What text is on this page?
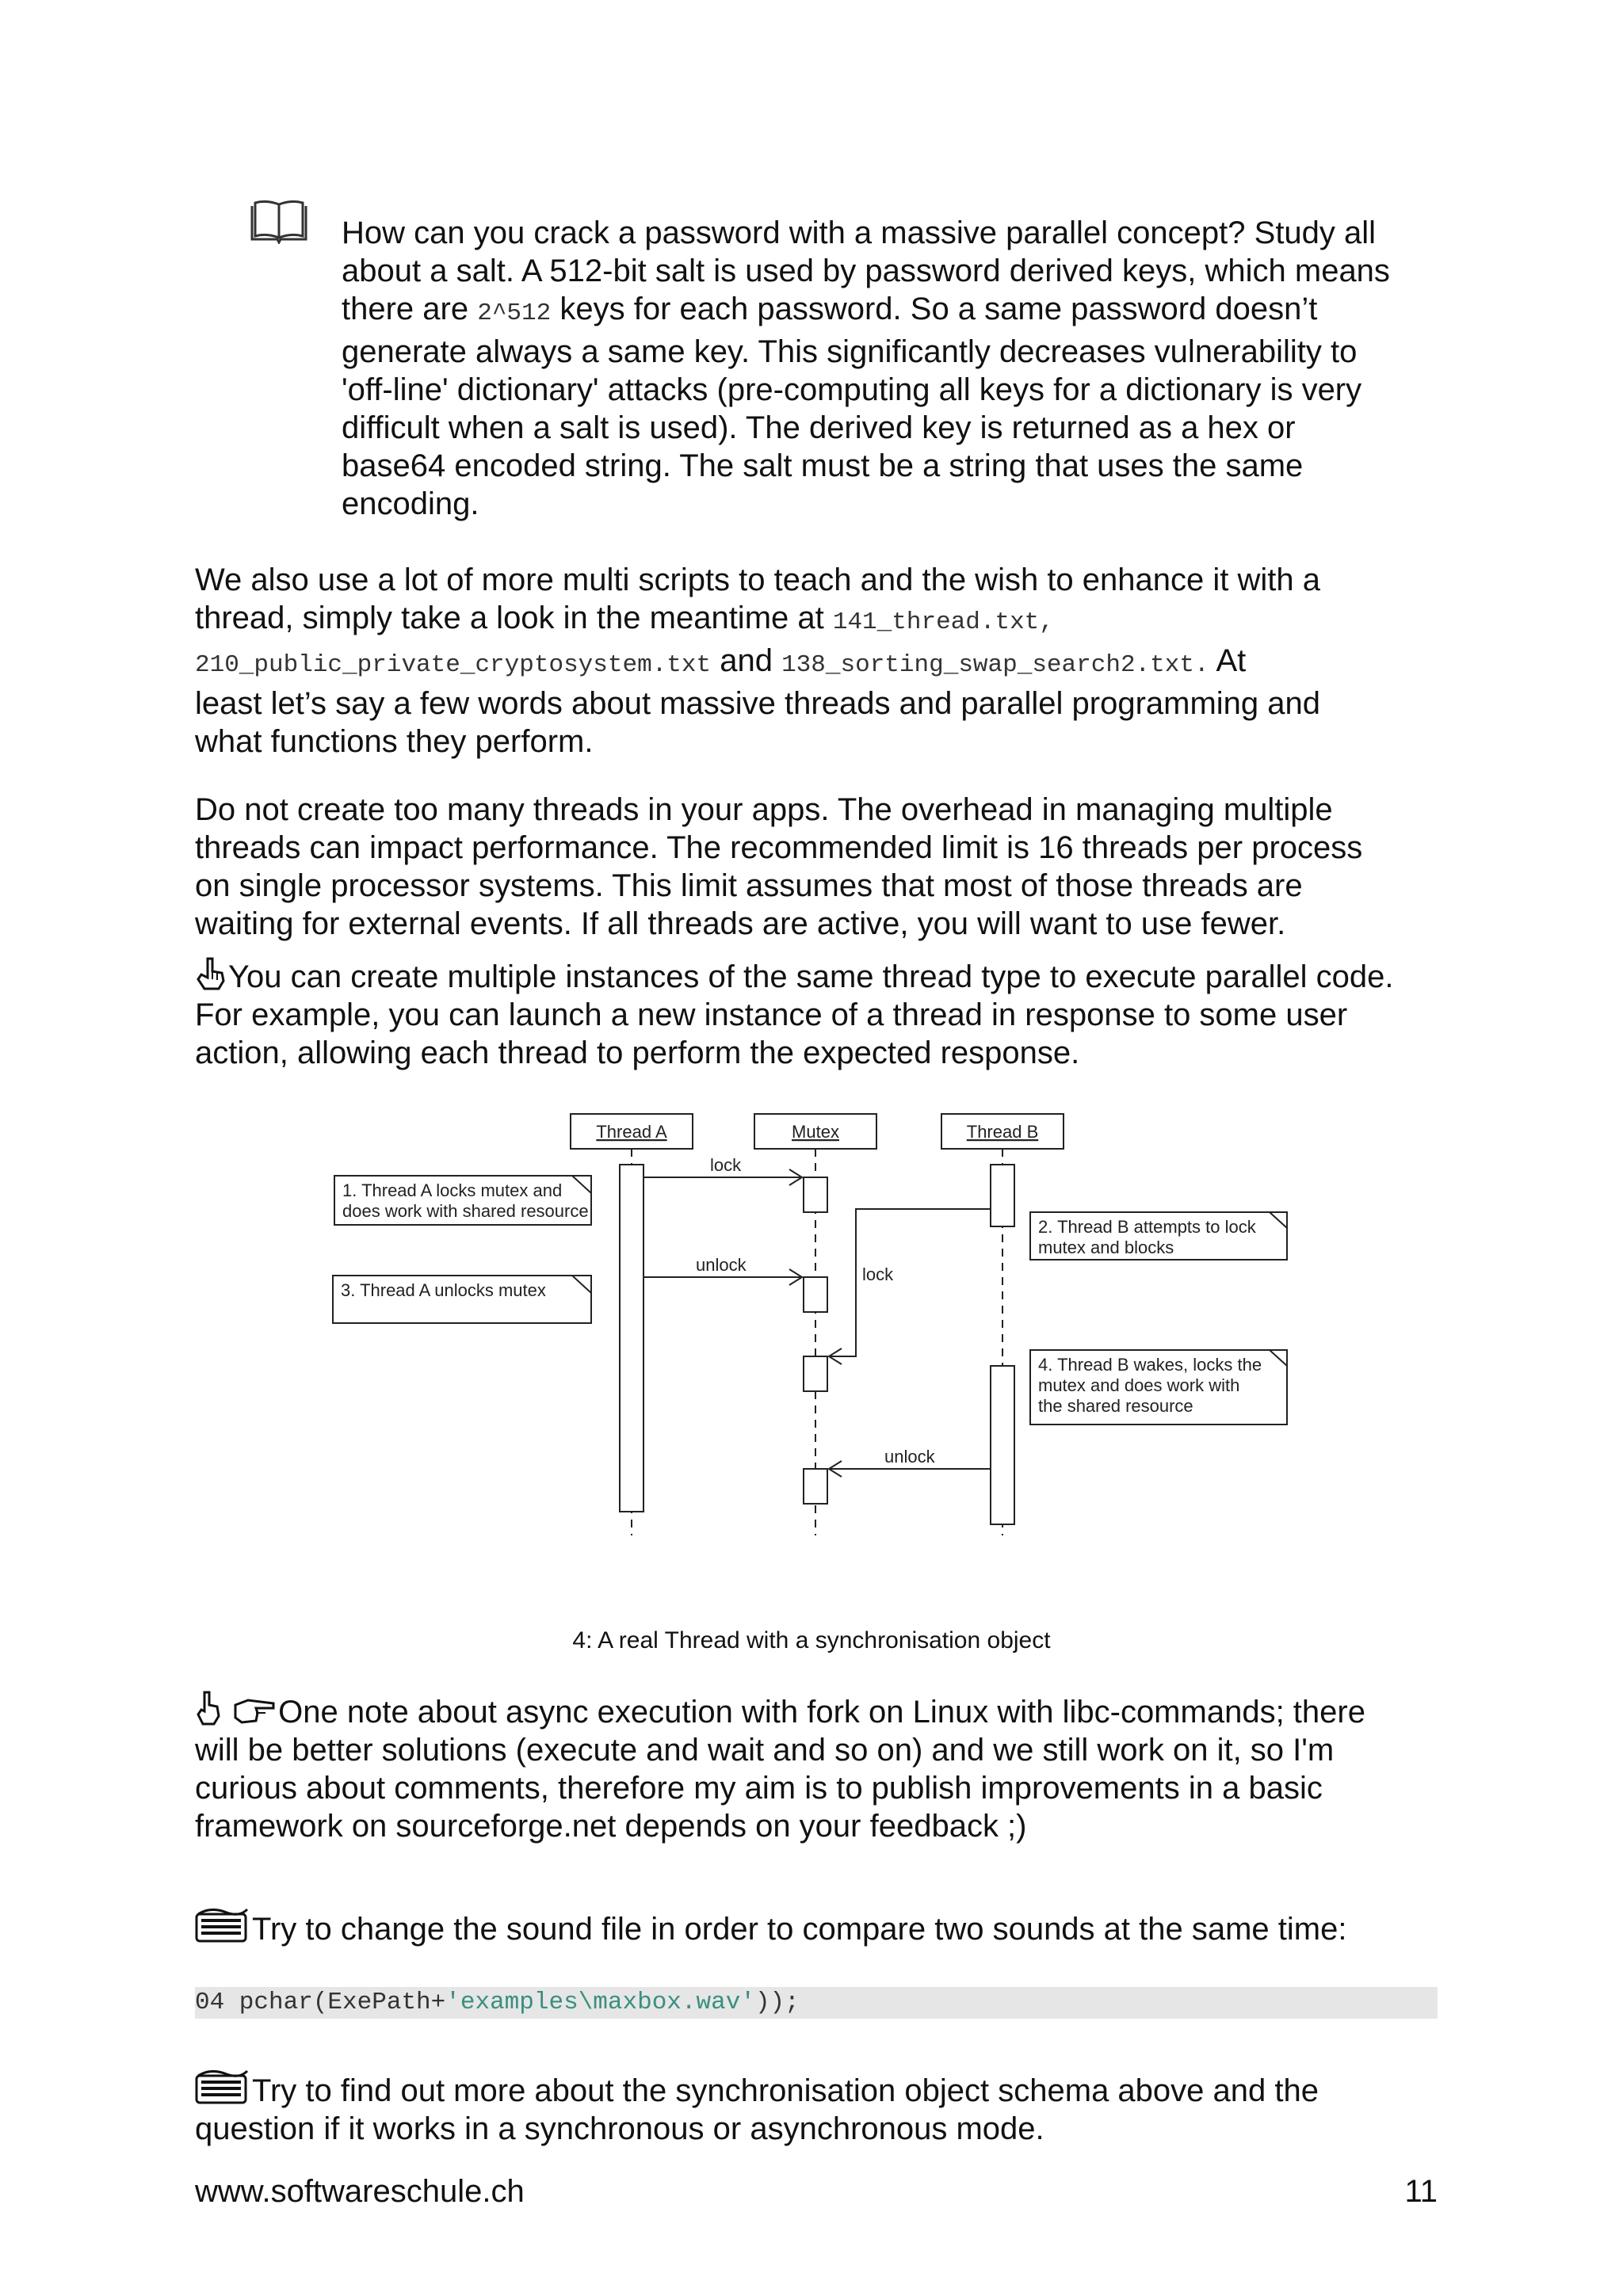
How can you crack a password with a massive parallel concept? Study all
about a salt. A 512-bit salt is used by password derived keys, which means
there are 2^512 keys for each password. So a same password doesn’t
generate always a same key. This significantly decreases vulnerability to
'off-line' dictionary' attacks (pre-computing all keys for a dictionary is very
difficult when a salt is used). The derived key is returned as a hex or
base64 encoded string. The salt must be a string that uses the same
encoding.
We also use a lot of more multi scripts to teach and the wish to enhance it with a
thread, simply take a look in the meantime at 141_thread.txt,
210_public_private_cryptosystem.txt and 138_sorting_swap_search2.txt. At
least let’s say a few words about massive threads and parallel programming and
what functions they perform.
Do not create too many threads in your apps. The overhead in managing multiple
threads can impact performance. The recommended limit is 16 threads per process
on single processor systems. This limit assumes that most of those threads are
waiting for external events. If all threads are active, you will want to use fewer.
You can create multiple instances of the same thread type to execute parallel code.
For example, you can launch a new instance of a thread in response to some user
action, allowing each thread to perform the expected response.
Thread A	Mutex	Thread B
lock
unlock	lock
unlock
1. Thread A locks mutex and
does work with shared resource
2. Thread B attempts to lock
mutex and blocks
3. Thread A unlocks mutex
4. Thread B wakes, locks the
mutex and does work with
the shared resource
4: A real Thread with a synchronisation object
One note about async execution with fork on Linux with libc-commands; there
will be better solutions (execute and wait and so on) and we still work on it, so I'm
curious about comments, therefore my aim is to publish improvements in a basic
framework on sourceforge.net depends on your feedback ;)
Try to change the sound file in order to compare two sounds at the same time:
04 pchar(ExePath+'examples\maxbox.wav'));
Try to find out more about the synchronisation object schema above and the
question if it works in a synchronous or asynchronous mode.
www.softwareschule.ch	11
